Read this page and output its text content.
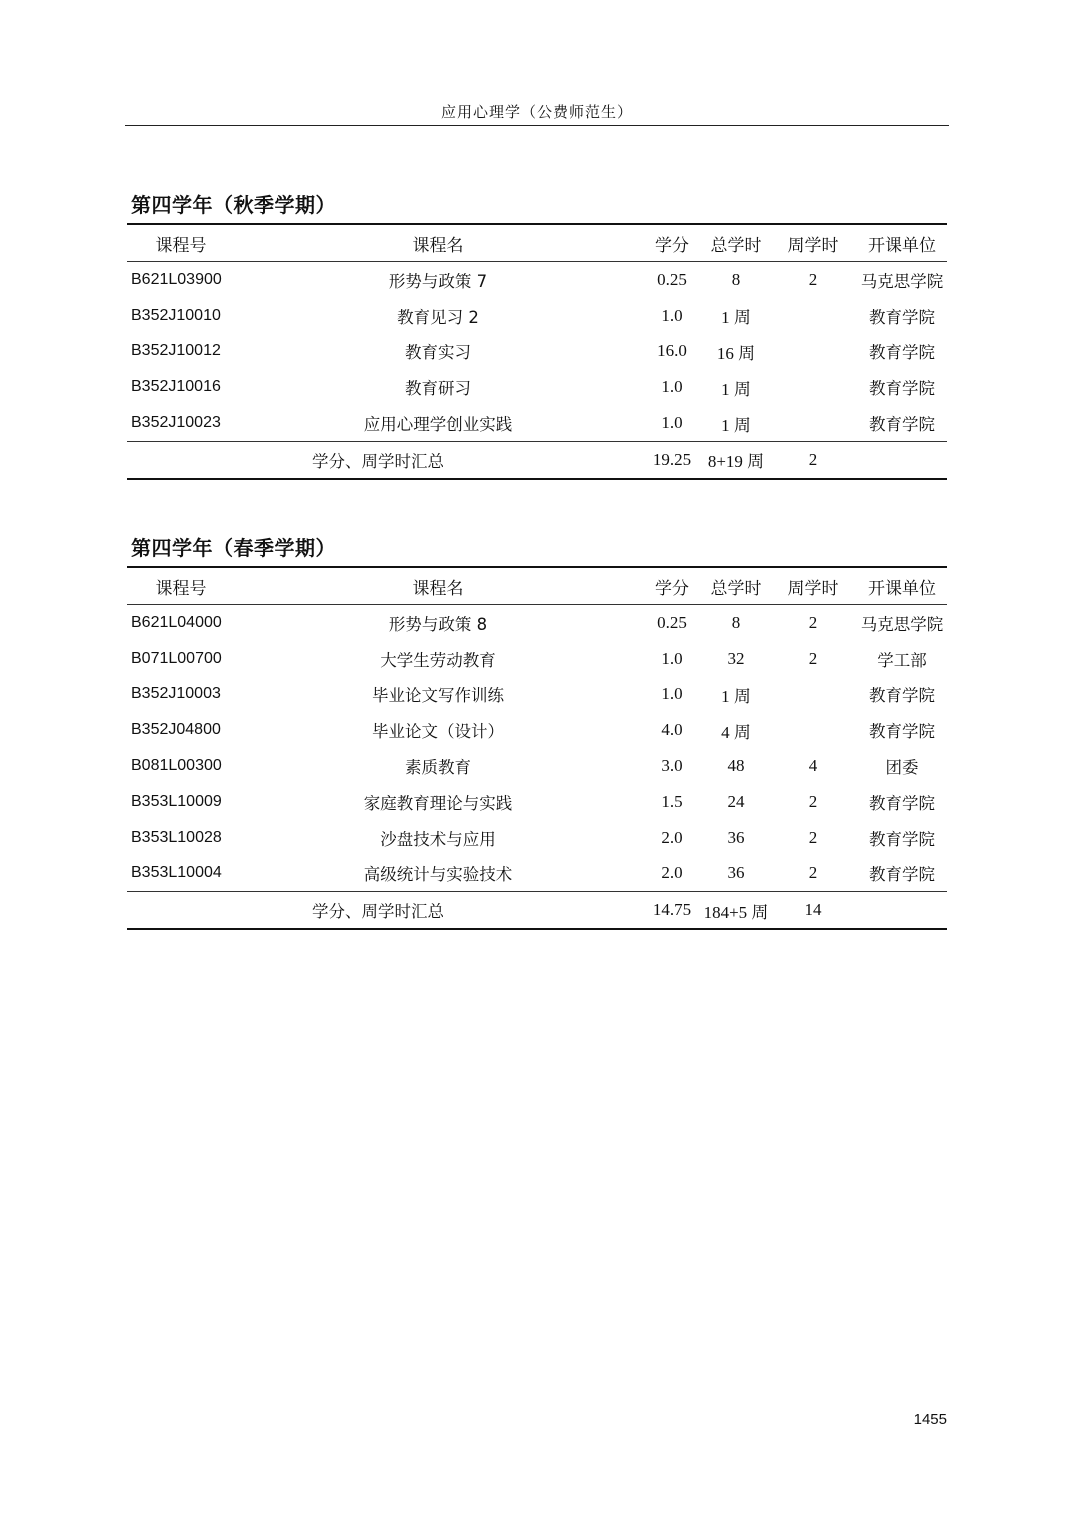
应用心理学（公费师范生）
第四学年（秋季学期）
课程号	课程名	学分	总学时	周学时	开课单位
B621L03900	形势与政策 7	0.25	8	2	马克思学院
B352J10010	教育见习 2	1.0	1 周		教育学院
B352J10012	教育实习	16.0	16 周		教育学院
B352J10016	教育研习	1.0	1 周		教育学院
B352J10023	应用心理学创业实践	1.0	1 周		教育学院
	学分、周学时汇总	19.25	8+19 周	2	
第四学年（春季学期）
课程号	课程名	学分	总学时	周学时	开课单位
B621L04000	形势与政策 8	0.25	8	2	马克思学院
B071L00700	大学生劳动教育	1.0	32	2	学工部
B352J10003	毕业论文写作训练	1.0	1 周		教育学院
B352J04800	毕业论文（设计）	4.0	4 周		教育学院
B081L00300	素质教育	3.0	48	4	团委
B353L10009	家庭教育理论与实践	1.5	24	2	教育学院
B353L10028	沙盘技术与应用	2.0	36	2	教育学院
B353L10004	高级统计与实验技术	2.0	36	2	教育学院
	学分、周学时汇总	14.75	184+5 周	14	
1455
